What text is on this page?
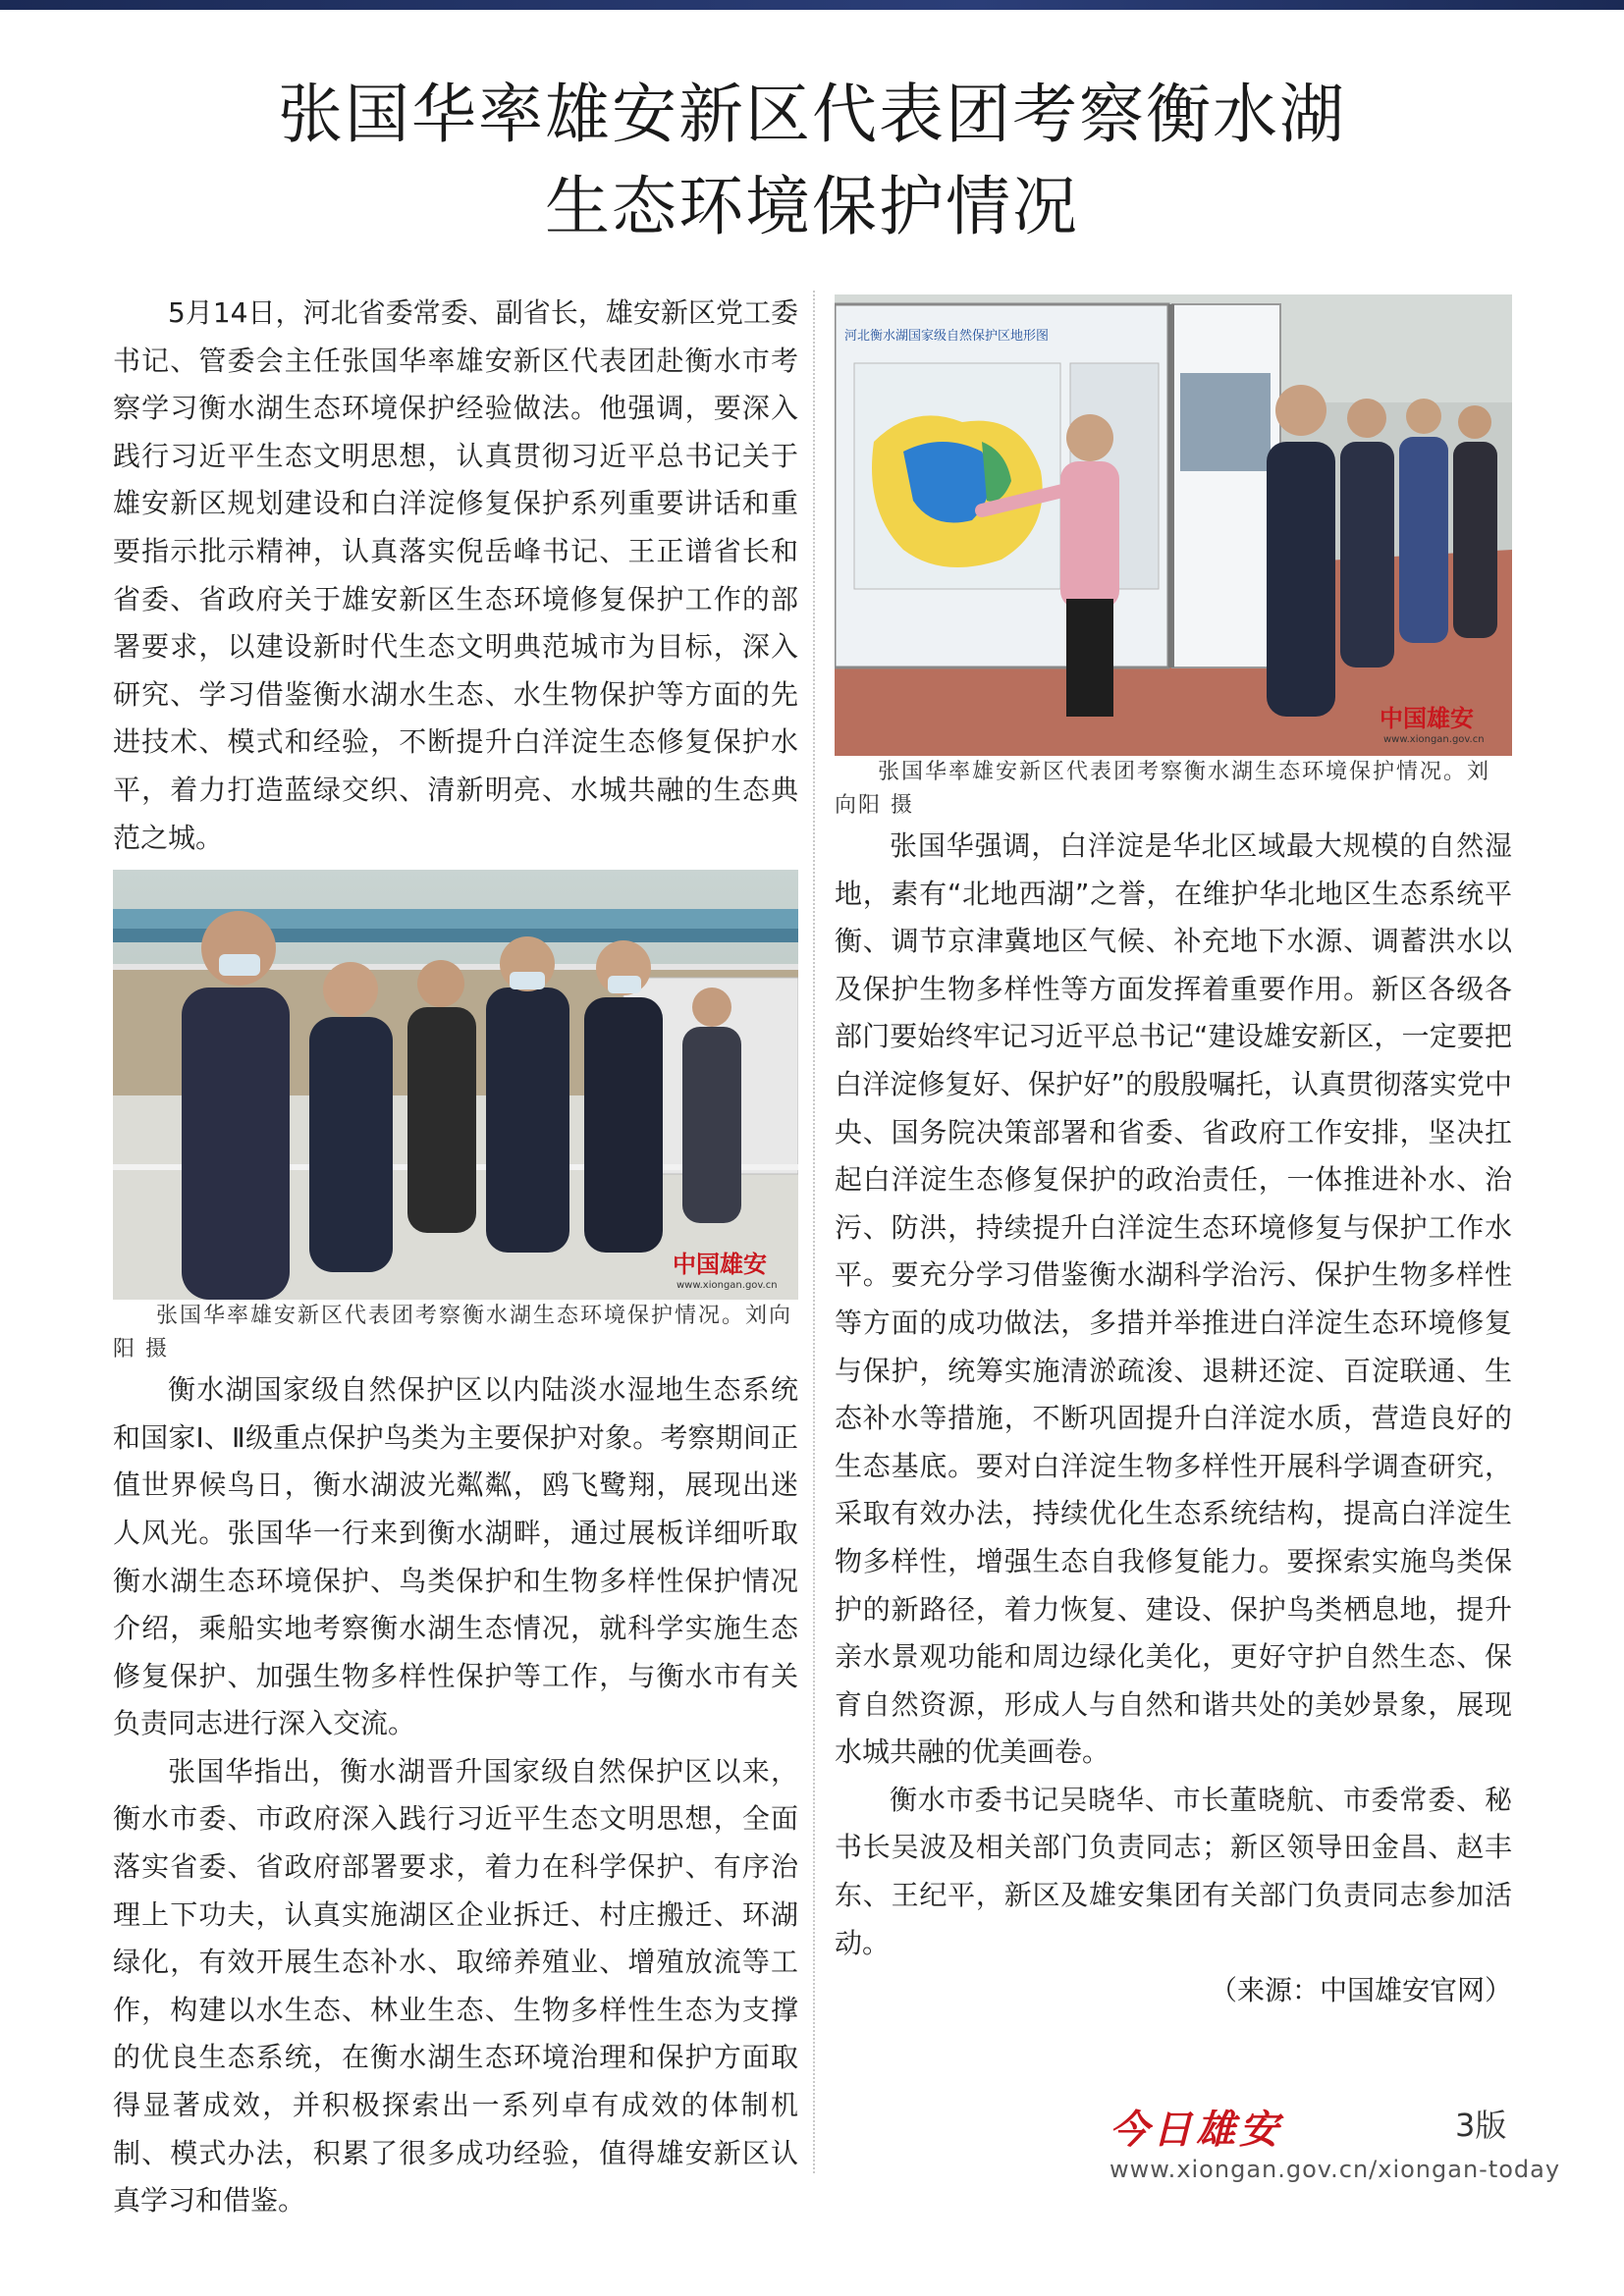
张国华率雄安新区代表团考察衡水湖
生态环境保护情况

5月14日，河北省委常委、副省长，雄安新区党工委书记、管委会主任张国华率雄安新区代表团赴衡水市考察学习衡水湖生态环境保护经验做法。他强调，要深入践行习近平生态文明思想，认真贯彻习近平总书记关于雄安新区规划建设和白洋淀修复保护系列重要讲话和重要指示批示精神，认真落实倪岳峰书记、王正谱省长和省委、省政府关于雄安新区生态环境修复保护工作的部署要求，以建设新时代生态文明典范城市为目标，深入研究、学习借鉴衡水湖水生态、水生物保护等方面的先进技术、模式和经验，不断提升白洋淀生态修复保护水平，着力打造蓝绿交织、清新明亮、水城共融的生态典范之城。

中国雄安
www.xiongan.gov.cn

张国华率雄安新区代表团考察衡水湖生态环境保护情况。刘向阳 摄

衡水湖国家级自然保护区以内陆淡水湿地生态系统和国家Ⅰ、Ⅱ级重点保护鸟类为主要保护对象。考察期间正值世界候鸟日，衡水湖波光粼粼，鸥飞鹭翔，展现出迷人风光。张国华一行来到衡水湖畔，通过展板详细听取衡水湖生态环境保护、鸟类保护和生物多样性保护情况介绍，乘船实地考察衡水湖生态情况，就科学实施生态修复保护、加强生物多样性保护等工作，与衡水市有关负责同志进行深入交流。

张国华指出，衡水湖晋升国家级自然保护区以来，衡水市委、市政府深入践行习近平生态文明思想，全面落实省委、省政府部署要求，着力在科学保护、有序治理上下功夫，认真实施湖区企业拆迁、村庄搬迁、环湖绿化，有效开展生态补水、取缔养殖业、增殖放流等工作，构建以水生态、林业生态、生物多样性生态为支撑的优良生态系统，在衡水湖生态环境治理和保护方面取得显著成效，并积极探索出一系列卓有成效的体制机制、模式办法，积累了很多成功经验，值得雄安新区认真学习和借鉴。

河北衡水湖国家级自然保护区地形图
中国雄安
www.xiongan.gov.cn

张国华率雄安新区代表团考察衡水湖生态环境保护情况。刘向阳 摄

张国华强调，白洋淀是华北区域最大规模的自然湿地，素有“北地西湖”之誉，在维护华北地区生态系统平衡、调节京津冀地区气候、补充地下水源、调蓄洪水以及保护生物多样性等方面发挥着重要作用。新区各级各部门要始终牢记习近平总书记“建设雄安新区，一定要把白洋淀修复好、保护好”的殷殷嘱托，认真贯彻落实党中央、国务院决策部署和省委、省政府工作安排，坚决扛起白洋淀生态修复保护的政治责任，一体推进补水、治污、防洪，持续提升白洋淀生态环境修复与保护工作水平。要充分学习借鉴衡水湖科学治污、保护生物多样性等方面的成功做法，多措并举推进白洋淀生态环境修复与保护，统筹实施清淤疏浚、退耕还淀、百淀联通、生态补水等措施，不断巩固提升白洋淀水质，营造良好的生态基底。要对白洋淀生物多样性开展科学调查研究，采取有效办法，持续优化生态系统结构，提高白洋淀生物多样性，增强生态自我修复能力。要探索实施鸟类保护的新路径，着力恢复、建设、保护鸟类栖息地，提升亲水景观功能和周边绿化美化，更好守护自然生态、保育自然资源，形成人与自然和谐共处的美妙景象，展现水城共融的优美画卷。

衡水市委书记吴晓华、市长董晓航、市委常委、秘书长吴波及相关部门负责同志；新区领导田金昌、赵丰东、王纪平，新区及雄安集团有关部门负责同志参加活动。

（来源：中国雄安官网）

今日雄安	3版
www.xiongan.gov.cn/xiongan-today
